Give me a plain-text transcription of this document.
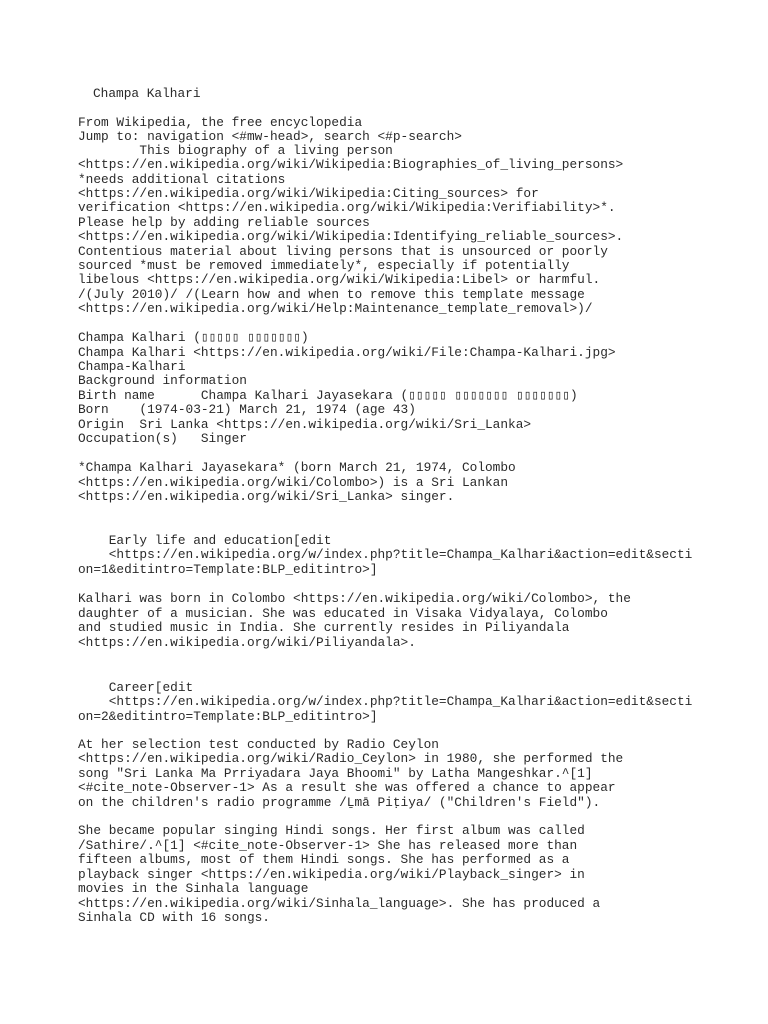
Champa Kalhari
From Wikipedia, the free encyclopedia
Jump to: navigation <#mw-head>, search <#p-search>
This biography of a living person
<https://en.wikipedia.org/wiki/Wikipedia:Biographies_of_living_persons>
*needs additional citations
<https://en.wikipedia.org/wiki/Wikipedia:Citing_sources> for
verification <https://en.wikipedia.org/wiki/Wikipedia:Verifiability>*.
Please help by adding reliable sources
<https://en.wikipedia.org/wiki/Wikipedia:Identifying_reliable_sources>.
Contentious material about living persons that is unsourced or poorly
sourced *must be removed immediately*, especially if potentially
libelous <https://en.wikipedia.org/wiki/Wikipedia:Libel> or harmful.
/(July 2010)/ /(Learn how and when to remove this template message
<https://en.wikipedia.org/wiki/Help:Maintenance_template_removal>)/
Champa Kalhari (▯▯▯▯▯ ▯▯▯▯▯▯▯)
Champa Kalhari <https://en.wikipedia.org/wiki/File:Champa-Kalhari.jpg>
Champa-Kalhari
Background information
Birth name      Champa Kalhari Jayasekara (▯▯▯▯▯ ▯▯▯▯▯▯▯ ▯▯▯▯▯▯▯)
Born    (1974-03-21) March 21, 1974 (age 43)
Origin  Sri Lanka <https://en.wikipedia.org/wiki/Sri_Lanka>
Occupation(s)   Singer
*Champa Kalhari Jayasekara* (born March 21, 1974, Colombo
<https://en.wikipedia.org/wiki/Colombo>) is a Sri Lankan
<https://en.wikipedia.org/wiki/Sri_Lanka> singer.
Early life and education[edit
<https://en.wikipedia.org/w/index.php?title=Champa_Kalhari&action=edit&secti
on=1&editintro=Template:BLP_editintro>]
Kalhari was born in Colombo <https://en.wikipedia.org/wiki/Colombo>, the
daughter of a musician. She was educated in Visaka Vidyalaya, Colombo
and studied music in India. She currently resides in Piliyandala
<https://en.wikipedia.org/wiki/Piliyandala>.
Career[edit
<https://en.wikipedia.org/w/index.php?title=Champa_Kalhari&action=edit&secti
on=2&editintro=Template:BLP_editintro>]
At her selection test conducted by Radio Ceylon
<https://en.wikipedia.org/wiki/Radio_Ceylon> in 1980, she performed the
song "Sri Lanka Ma Prriyadara Jaya Bhoomi" by Latha Mangeshkar.^[1]
<#cite_note-Observer-1> As a result she was offered a chance to appear
on the children's radio programme /Ḻmā Piṭiya/ ("Children's Field").
She became popular singing Hindi songs. Her first album was called
/Sathire/.^[1] <#cite_note-Observer-1> She has released more than
fifteen albums, most of them Hindi songs. She has performed as a
playback singer <https://en.wikipedia.org/wiki/Playback_singer> in
movies in the Sinhala language
<https://en.wikipedia.org/wiki/Sinhala_language>. She has produced a
Sinhala CD with 16 songs.
